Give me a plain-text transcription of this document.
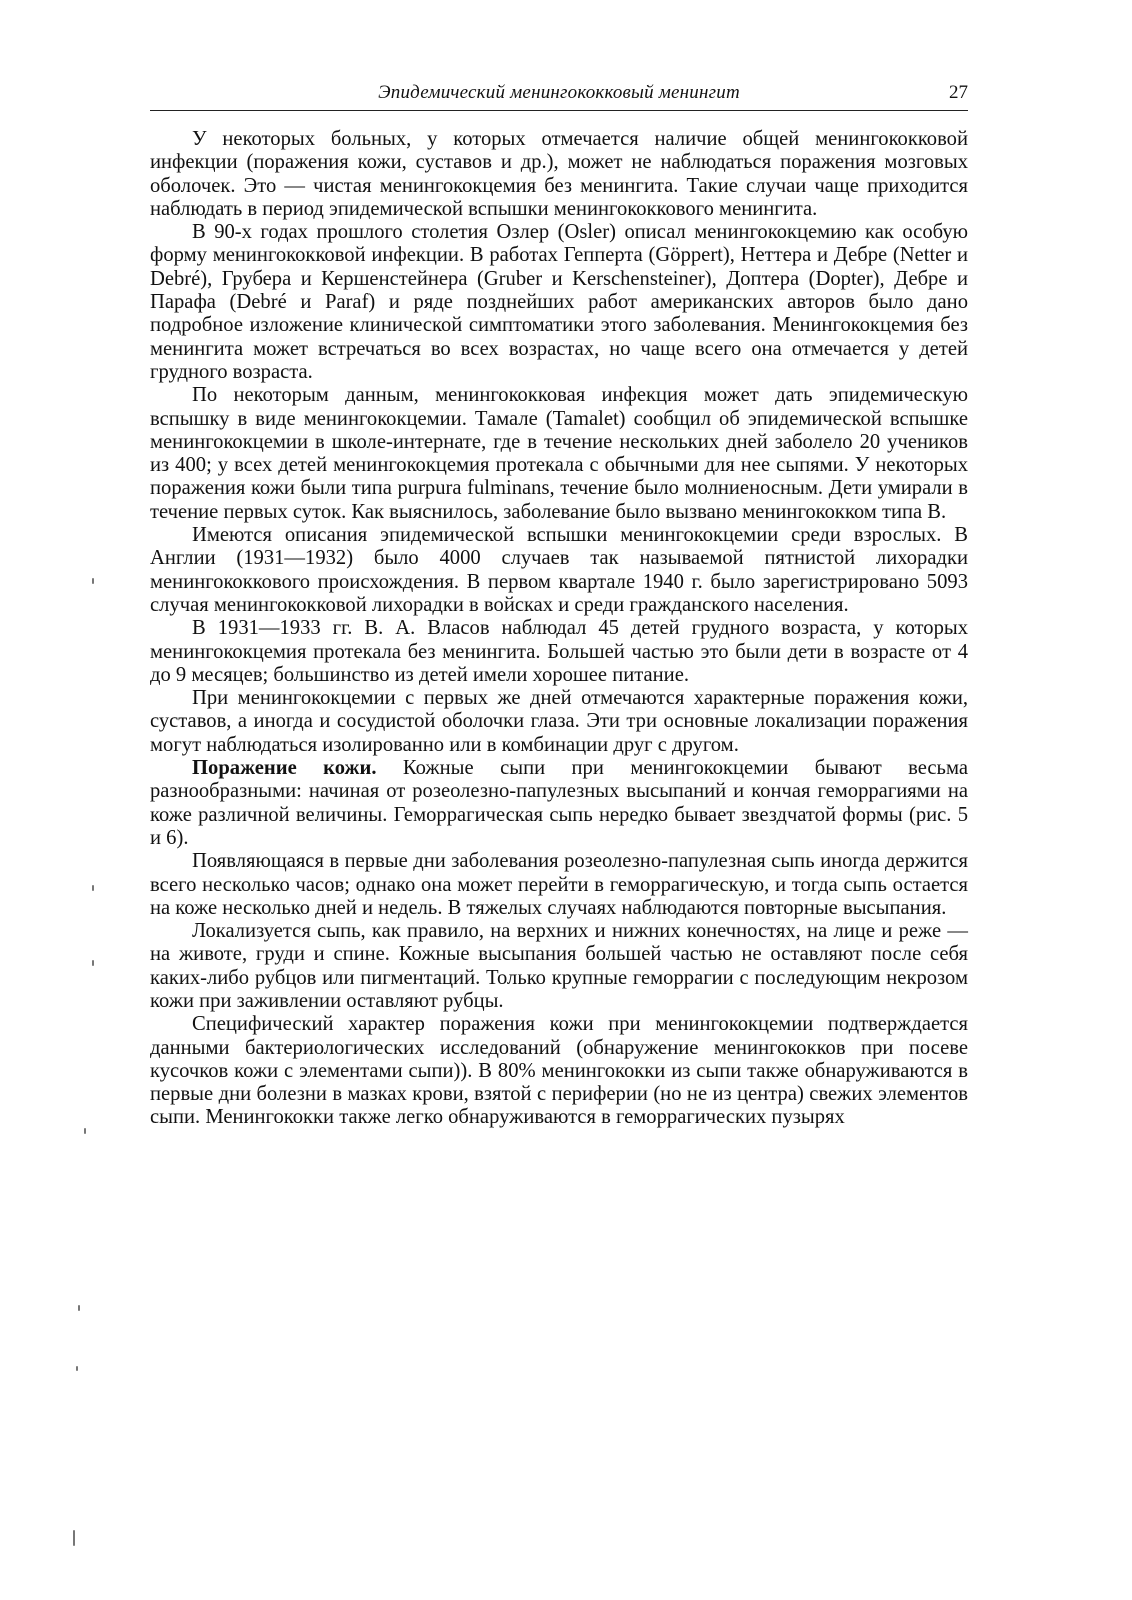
Эпидемический менингококковый менингит	27

У некоторых больных, у которых отмечается наличие общей менингококковой инфекции (поражения кожи, суставов и др.), может не наблюдаться поражения мозговых оболочек. Это — чистая менингококцемия без менингита. Такие случаи чаще приходится наблюдать в период эпидемической вспышки менингококкового менингита.

В 90-х годах прошлого столетия Озлер (Osler) описал менингококцемию как особую форму менингококковой инфекции. В работах Гепперта (Göppert), Неттера и Дебре (Netter и Debré), Грубера и Кершенстейнера (Gruber и Kerschensteiner), Доптера (Dopter), Дебре и Парафа (Debré и Paraf) и ряде позднейших работ американских авторов было дано подробное изложение клинической симптоматики этого заболевания. Менингококцемия без менингита может встречаться во всех возрастах, но чаще всего она отмечается у детей грудного возраста.

По некоторым данным, менингококковая инфекция может дать эпидемическую вспышку в виде менингококцемии. Тамале (Tamalet) сообщил об эпидемической вспышке менингококцемии в школе-интернате, где в течение нескольких дней заболело 20 учеников из 400; у всех детей менингококцемия протекала с обычными для нее сыпями. У некоторых поражения кожи были типа purpura fulminans, течение было молниеносным. Дети умирали в течение первых суток. Как выяснилось, заболевание было вызвано менингококком типа В.

Имеются описания эпидемической вспышки менингококцемии среди взрослых. В Англии (1931—1932) было 4000 случаев так называемой пятнистой лихорадки менингококкового происхождения. В первом квартале 1940 г. было зарегистрировано 5093 случая менингококковой лихорадки в войсках и среди гражданского населения.

В 1931—1933 гг. В. А. Власов наблюдал 45 детей грудного возраста, у которых менингококцемия протекала без менингита. Большей частью это были дети в возрасте от 4 до 9 месяцев; большинство из детей имели хорошее питание.

При менингококцемии с первых же дней отмечаются характерные поражения кожи, суставов, а иногда и сосудистой оболочки глаза. Эти три основные локализации поражения могут наблюдаться изолированно или в комбинации друг с другом.

Поражение кожи. Кожные сыпи при менингококцемии бывают весьма разнообразными: начиная от розеолезно-папулезных высыпаний и кончая геморрагиями на коже различной величины. Геморрагическая сыпь нередко бывает звездчатой формы (рис. 5 и 6).

Появляющаяся в первые дни заболевания розеолезно-папулезная сыпь иногда держится всего несколько часов; однако она может перейти в геморрагическую, и тогда сыпь остается на коже несколько дней и недель. В тяжелых случаях наблюдаются повторные высыпания.

Локализуется сыпь, как правило, на верхних и нижних конечностях, на лице и реже — на животе, груди и спине. Кожные высыпания большей частью не оставляют после себя каких-либо рубцов или пигментаций. Только крупные геморрагии с последующим некрозом кожи при заживлении оставляют рубцы.

Специфический характер поражения кожи при менингококцемии подтверждается данными бактериологических исследований (обнаружение менингококков при посеве кусочков кожи с элементами сыпи)). В 80% менингококки из сыпи также обнаруживаются в первые дни болезни в мазках крови, взятой с периферии (но не из центра) свежих элементов сыпи. Менингококки также легко обнаруживаются в геморрагических пузырях
